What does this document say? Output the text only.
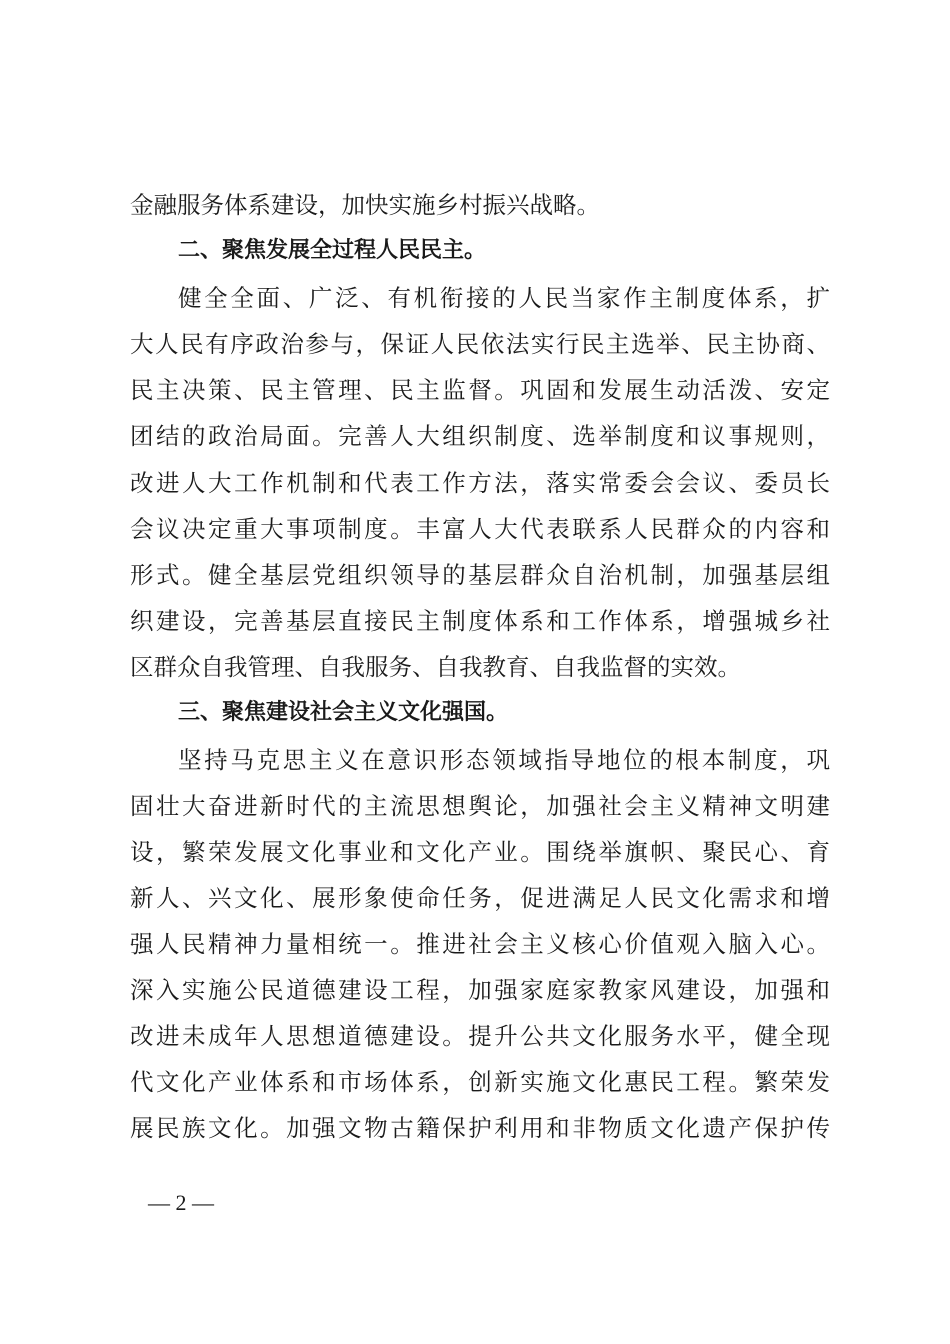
金融服务体系建设，加快实施乡村振兴战略。
二、聚焦发展全过程人民民主。
健全全面、广泛、有机衔接的人民当家作主制度体系，扩
大人民有序政治参与，保证人民依法实行民主选举、民主协商、
民主决策、民主管理、民主监督。巩固和发展生动活泼、安定
团结的政治局面。完善人大组织制度、选举制度和议事规则，
改进人大工作机制和代表工作方法，落实常委会会议、委员长
会议决定重大事项制度。丰富人大代表联系人民群众的内容和
形式。健全基层党组织领导的基层群众自治机制，加强基层组
织建设，完善基层直接民主制度体系和工作体系，增强城乡社
区群众自我管理、自我服务、自我教育、自我监督的实效。
三、聚焦建设社会主义文化强国。
坚持马克思主义在意识形态领域指导地位的根本制度，巩
固壮大奋进新时代的主流思想舆论，加强社会主义精神文明建
设，繁荣发展文化事业和文化产业。围绕举旗帜、聚民心、育
新人、兴文化、展形象使命任务，促进满足人民文化需求和增
强人民精神力量相统一。推进社会主义核心价值观入脑入心。
深入实施公民道德建设工程，加强家庭家教家风建设，加强和
改进未成年人思想道德建设。提升公共文化服务水平，健全现
代文化产业体系和市场体系，创新实施文化惠民工程。繁荣发
展民族文化。加强文物古籍保护利用和非物质文化遗产保护传
— 2 —
